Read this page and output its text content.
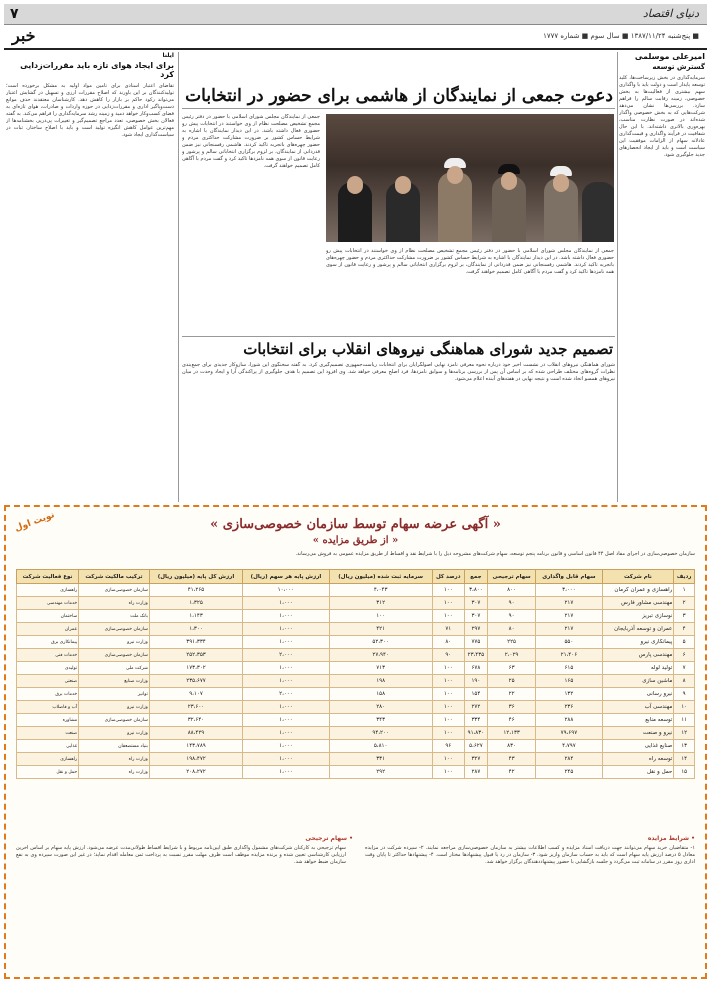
۷	دنیای اقتصاد
خبر	■ پنج‌شنبه ۱۳۸۷/۱۱/۲۴ ■ سال سوم ■ شماره ۱۷۷۷
امیرعلی موسلمی
گسترش توسعه
سرمایه‌گذاری در بخش زیرساخت‌ها، کلید توسعه پایدار است و دولت باید با واگذاری سهم بیشتری از فعالیت‌ها به بخش خصوصی، زمینه رقابت سالم را فراهم سازد. بررسی‌ها نشان می‌دهد شرکت‌هایی که به بخش خصوصی واگذار شده‌اند در صورت نظارت مناسب، بهره‌وری بالاتری داشته‌اند. با این حال شفافیت در فرآیند واگذاری و قیمت‌گذاری عادلانه سهام از الزامات موفقیت این سیاست است و باید از ایجاد انحصارهای جدید جلوگیری شود.
دعوت جمعی از نمایندگان از هاشمی برای حضور در انتخابات
جمعی از نمایندگان مجلس شورای اسلامی با حضور در دفتر رئیس مجمع تشخیص مصلحت نظام از وی خواستند در انتخابات پیش رو حضوری فعال داشته باشد. در این دیدار نمایندگان با اشاره به شرایط حساس کشور بر ضرورت مشارکت حداکثری مردم و حضور چهره‌های باتجربه تاکید کردند. هاشمی رفسنجانی نیز ضمن قدردانی از نمایندگان، بر لزوم برگزاری انتخاباتی سالم و پرشور و رعایت قانون از سوی همه نامزدها تاکید کرد و گفت مردم با آگاهی کامل تصمیم خواهند گرفت.
جمعی از نمایندگان مجلس شورای اسلامی با حضور در دفتر رئیس مجمع تشخیص مصلحت نظام از وی خواستند در انتخابات پیش رو حضوری فعال داشته باشد. در این دیدار نمایندگان با اشاره به شرایط حساس کشور بر ضرورت مشارکت حداکثری مردم و حضور چهره‌های باتجربه تاکید کردند. هاشمی رفسنجانی نیز ضمن قدردانی از نمایندگان، بر لزوم برگزاری انتخاباتی سالم و پرشور و رعایت قانون از سوی همه نامزدها تاکید کرد و گفت مردم با آگاهی کامل تصمیم خواهند گرفت.
ایلنا
برای ایجاد هوای تازه باید مقررات‌زدایی کرد
تقاضای اعتبار اسنادی برای تامین مواد اولیه به مشکل برخورده است؛ تولیدکنندگان بر این باورند که اصلاح مقررات ارزی و تسهیل در گشایش اعتبار می‌تواند رکود حاکم بر بازار را کاهش دهد. کارشناسان معتقدند حذف موانع دست‌وپاگیر اداری و مقررات‌زدایی در حوزه واردات و صادرات، هوای تازه‌ای به فضای کسب‌وکار خواهد دمید و زمینه رشد سرمایه‌گذاری را فراهم می‌کند. به گفته فعالان بخش خصوصی، تعدد مراجع تصمیم‌گیر و تغییرات پی‌درپی بخشنامه‌ها از مهم‌ترین عوامل کاهش انگیزه تولید است و باید با اصلاح ساختار، ثبات در سیاست‌گذاری ایجاد شود.
تصمیم جدید شورای هماهنگی نیروهای انقلاب برای انتخابات
شورای هماهنگی نیروهای انقلاب در نشست اخیر خود درباره نحوه معرفی نامزد نهایی اصولگرایان برای انتخابات ریاست‌جمهوری تصمیم‌گیری کرد. به گفته سخنگوی این شورا، سازوکار جدیدی برای جمع‌بندی نظرات گروه‌های مختلف طراحی شده که بر اساس آن پس از بررسی برنامه‌ها و سوابق نامزدها، فرد اصلح معرفی خواهد شد. وی افزود این تصمیم با هدف جلوگیری از پراکندگی آرا و ایجاد وحدت در میان نیروهای همسو اتخاذ شده است و نتیجه نهایی در هفته‌های آینده اعلام می‌شود.
نوبت اول	« آگهی عرضه سهام توسط سازمان خصوصی‌سازی »
« از طریق مزایده »
سازمان خصوصی‌سازی در اجرای مفاد اصل ۴۴ قانون اساسی و قانون برنامه پنجم توسعه، سهام شرکت‌های مشروحه ذیل را با شرایط نقد و اقساط از طریق مزایده عمومی به فروش می‌رساند.
ردیف	نام شرکت	سهام قابل واگذاری	سهام ترجیحی	جمع	درصد کل	سرمایه ثبت شده (میلیون ریال)	ارزش پایه هر سهم (ریال)	ارزش کل پایه (میلیون ریال)	ترکیب مالکیت شرکت	نوع فعالیت شرکت
۱	راهسازی و عمران کرمان	۳،۰۰۰	۸۰۰	۳،۸۰۰	۱۰۰	۴،۰۴۳	۱۰،۰۰۰	۴۱،۲۶۵	سازمان خصوصی‌سازی	راهسازی
۲	مهندسی مشاور فارس	۲۱۷	۹۰	۳۰۷	۱۰۰	۳۱۲	۱،۰۰۰	۱،۳۲۵	وزارت راه	خدمات مهندسی
۳	نوسازی تبریز	۲۱۷	۹۰	۳۰۷	۱۰۰	۱۰۰	۱،۰۰۰	۱،۱۴۳	بانک ملت	ساختمان
۴	عمران و توسعه آذربایجان	۲۱۷	۸۰	۲۹۷	۷۱	۴۲۱	۱،۰۰۰	۱،۳۰۰	سازمان خصوصی‌سازی	عمران
۵	پیمانکاری نیرو	۵۵۰	۲۲۵	۷۷۵	۸۰	۵۲،۳۰۰	۱،۰۰۰	۳۹۱،۳۳۴	وزارت نیرو	پیمانکاری برق
۶	مهندسی پارس	۲۱،۴۰۶	۲،۰۲۹	۲۳،۴۳۵	۹۰	۲۷،۹۴۰	۲،۰۰۰	۲۵۲،۳۵۳	سازمان خصوصی‌سازی	خدمات فنی
۷	تولید لوله	۶۱۵	۶۳	۶۷۸	۱۰۰	۷۱۳	۱،۰۰۰	۱۷۳،۳۰۲	شرکت ملی	تولیدی
۸	ماشین سازی	۱۶۵	۲۵	۱۹۰	۱۰۰	۱۹۸	۱،۰۰۰	۲۳۵،۶۷۷	وزارت صنایع	صنعتی
۹	نیرو رسانی	۱۳۲	۲۲	۱۵۴	۱۰۰	۱۵۸	۲،۰۰۰	۹،۱۰۷	توانیر	خدمات برق
۱۰	مهندسی آب	۲۳۶	۳۶	۲۷۲	۱۰۰	۲۸۰	۱،۰۰۰	۲۳،۶۰۰	وزارت نیرو	آب و فاضلاب
۱۱	توسعه منابع	۲۸۸	۴۶	۳۳۴	۱۰۰	۳۴۳	۱،۰۰۰	۳۲،۶۴۰	سازمان خصوصی‌سازی	مشاوره
۱۲	نیرو و صنعت	۷۹،۶۹۷	۱۲،۱۳۳	۹۱،۸۳۰	۱۰۰	۹۴،۲۰۰	۱،۰۰۰	۸۸،۴۲۹	وزارت نیرو	صنعت
۱۳	صنایع غذایی	۴،۷۹۷	۸۳۰	۵،۶۲۷	۹۶	۵،۸۱۰	۱،۰۰۰	۱۴۳،۷۸۹	بنیاد مستضعفان	غذایی
۱۴	توسعه راه	۲۸۴	۴۳	۳۲۷	۱۰۰	۳۳۱	۱،۰۰۰	۱۹۸،۴۷۲	وزارت راه	راهسازی
۱۵	حمل و نقل	۲۴۵	۴۲	۲۸۷	۱۰۰	۲۹۲	۱،۰۰۰	۲۰۸،۲۷۲	وزارت راه	حمل و نقل
• شرایط مزایده
۱- متقاضیان خرید سهام می‌توانند جهت دریافت اسناد مزایده و کسب اطلاعات بیشتر به سازمان خصوصی‌سازی مراجعه نمایند. ۲- سپرده شرکت در مزایده معادل ۵ درصد ارزش پایه سهام است که باید به حساب سازمان واریز شود. ۳- سازمان در رد یا قبول پیشنهادها مختار است. ۴- پیشنهادها حداکثر تا پایان وقت اداری روز مقرر در سامانه ثبت می‌گردد و جلسه بازگشایی با حضور پیشنهاددهندگان برگزار خواهد شد.
• سهام ترجیحی
سهام ترجیحی به کارکنان شرکت‌های مشمول واگذاری طبق آیین‌نامه مربوط و با شرایط اقساط طولانی‌مدت عرضه می‌شود. ارزش پایه سهام بر اساس آخرین ارزیابی کارشناسی تعیین شده و برنده مزایده موظف است ظرف مهلت مقرر نسبت به پرداخت ثمن معامله اقدام نماید؛ در غیر این صورت سپرده وی به نفع سازمان ضبط خواهد شد.
